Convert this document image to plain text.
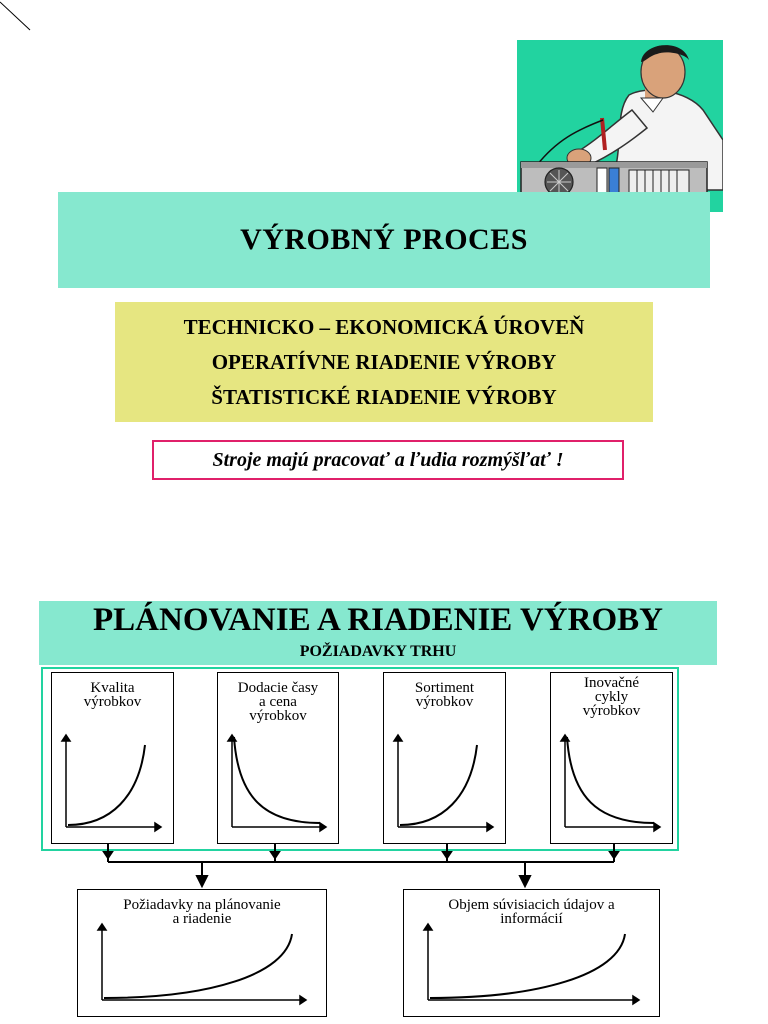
VÝROBNÝ PROCES
TECHNICKO – EKONOMICKÁ ÚROVEŇ
OPERATÍVNE RIADENIE VÝROBY
ŠTATISTICKÉ RIADENIE VÝROBY
Stroje majú pracovať a ľudia rozmýšľať !
PLÁNOVANIE A RIADENIE VÝROBY
POŽIADAVKY TRHU
Kvalita
výrobkov
Dodacie časy
a cena
výrobkov
Sortiment
výrobkov
Inovačné
cykly
výrobkov
Požiadavky na plánovanie
a riadenie
Objem súvisiacich údajov a
informácií
